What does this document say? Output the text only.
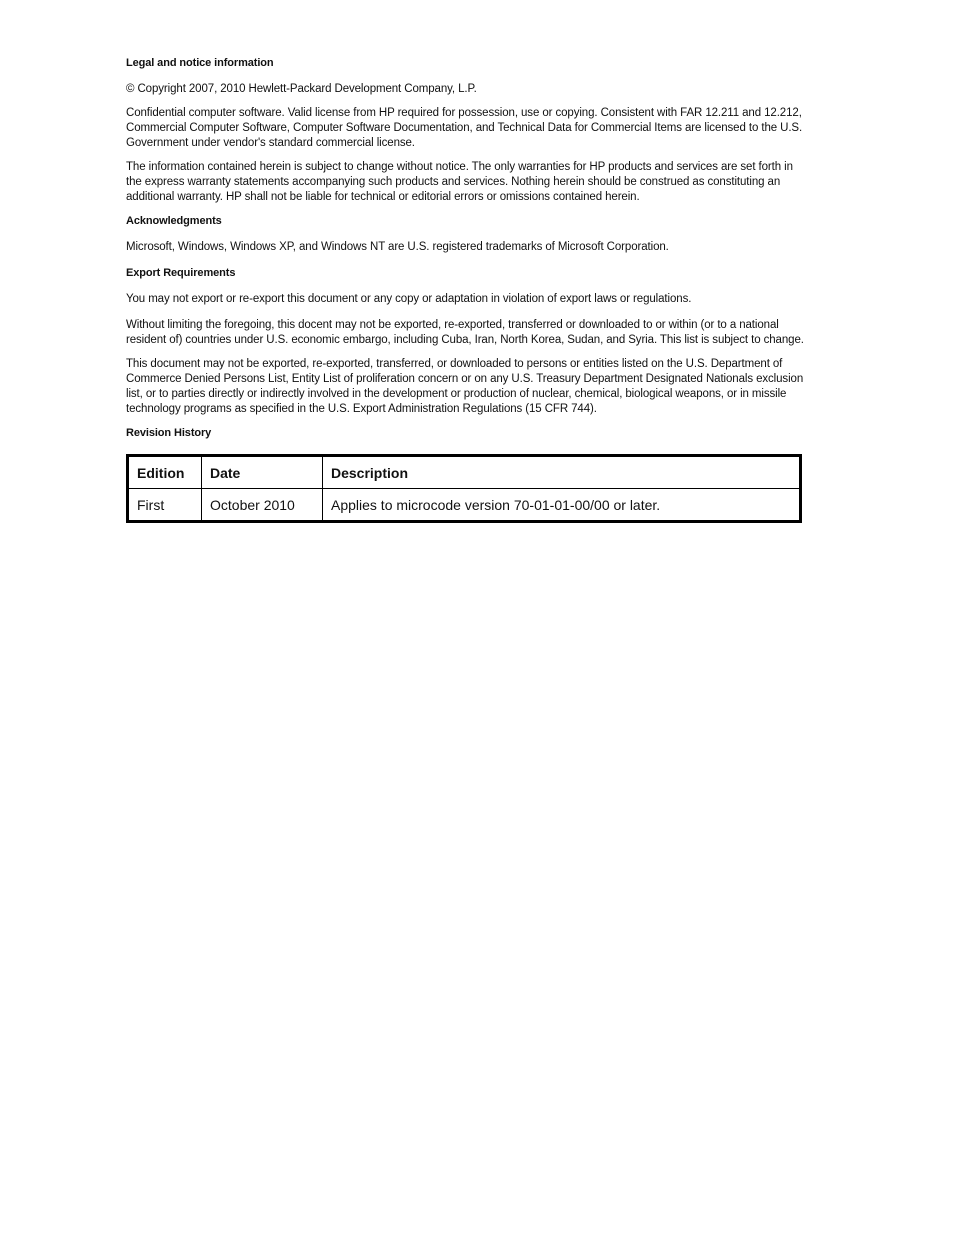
Legal and notice information

© Copyright 2007, 2010 Hewlett-Packard Development Company, L.P.

Confidential computer software. Valid license from HP required for possession, use or copying. Consistent with FAR 12.211 and 12.212, Commercial Computer Software, Computer Software Documentation, and Technical Data for Commercial Items are licensed to the U.S. Government under vendor's standard commercial license.

The information contained herein is subject to change without notice. The only warranties for HP products and services are set forth in the express warranty statements accompanying such products and services. Nothing herein should be construed as constituting an additional warranty. HP shall not be liable for technical or editorial errors or omissions contained herein.

Acknowledgments

Microsoft, Windows, Windows XP, and Windows NT are U.S. registered trademarks of Microsoft Corporation.

Export Requirements

You may not export or re-export this document or any copy or adaptation in violation of export laws or regulations.

Without limiting the foregoing, this docent may not be exported, re-exported, transferred or downloaded to or within (or to a national resident of) countries under U.S. economic embargo, including Cuba, Iran, North Korea, Sudan, and Syria. This list is subject to change.

This document may not be exported, re-exported, transferred, or downloaded to persons or entities listed on the U.S. Department of Commerce Denied Persons List, Entity List of proliferation concern or on any U.S. Treasury Department Designated Nationals exclusion list, or to parties directly or indirectly involved in the development or production of nuclear, chemical, biological weapons, or in missile technology programs as specified in the U.S. Export Administration Regulations (15 CFR 744).

Revision History
Edition	Date	Description
First	October 2010	Applies to microcode version 70-01-01-00/00 or later.
